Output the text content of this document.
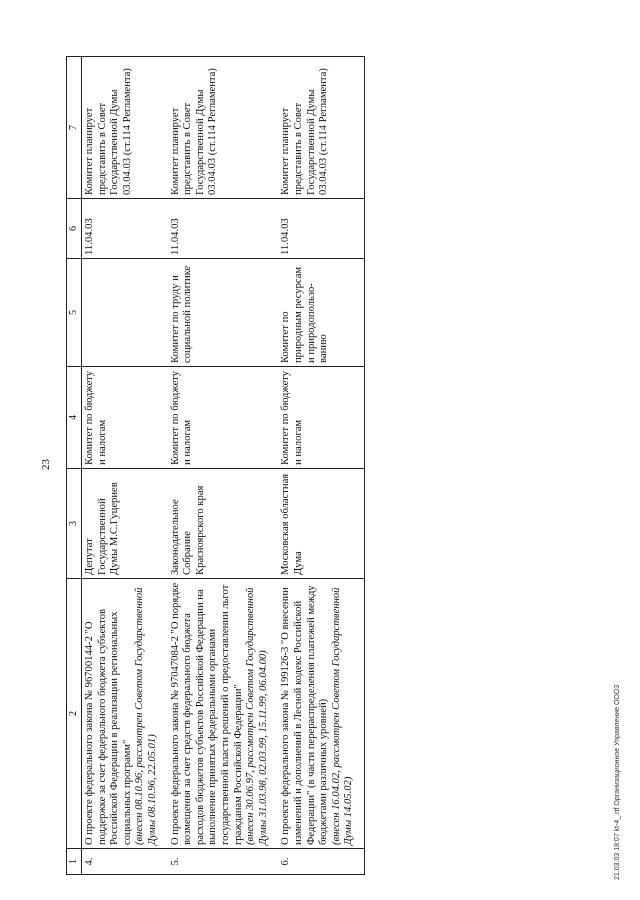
23
1	2	3	4	5	6	7
4.	О проекте федерального закона № 96700144-2 "О поддержке за счет федерального бюджета субъектов Российской Федерации в реализации региональных социальных программ" (внесен 08.10.96, рассмотрен Советом Государственной Думы 08.10.96, 22.05.01)	Депутат Государственной Думы М.С.Гуцериев	Комитет по бюджету и налогам		11.04.03	Комитет планирует представить в Совет Государственной Думы 03.04.03 (ст.114 Регламента)
5.	О проекте федерального закона № 97047084-2 "О порядке возмещения за счет средств федерального бюджета расходов бюджетов субъектов Российской Федерации на выполнение принятых федеральными органами государственной власти решений о предоставлении льгот гражданам Российской Федерации" (внесен 30.06.97, рассмотрен Советом Государственной Думы 31.03.98, 02.03.99, 15.11.99, 06.04.00)	Законодательное Собрание Красноярского края	Комитет по бюджету и налогам	Комитет по труду и социальной политике	11.04.03	Комитет планирует представить в Совет Государственной Думы 03.04.03 (ст.114 Регламента)
6.	О проекте федерального закона № 199126-3 "О внесении изменений и дополнений в Лесной кодекс Российской Федерации" (в части перераспределения платежей между бюджетами различных уровней) (внесен 16.04.02, рассмотрен Советом Государственной Думы 14.05.02)	Московская областная Дума	Комитет по бюджету и налогам	Комитет по природным ресурсам и природопользо-ванию	11.04.03	Комитет планирует представить в Совет Государственной Думы 03.04.03 (ст.114 Регламента)
21.03.03 18:07 kt-4_.rtf Организационное Управление ООО3
